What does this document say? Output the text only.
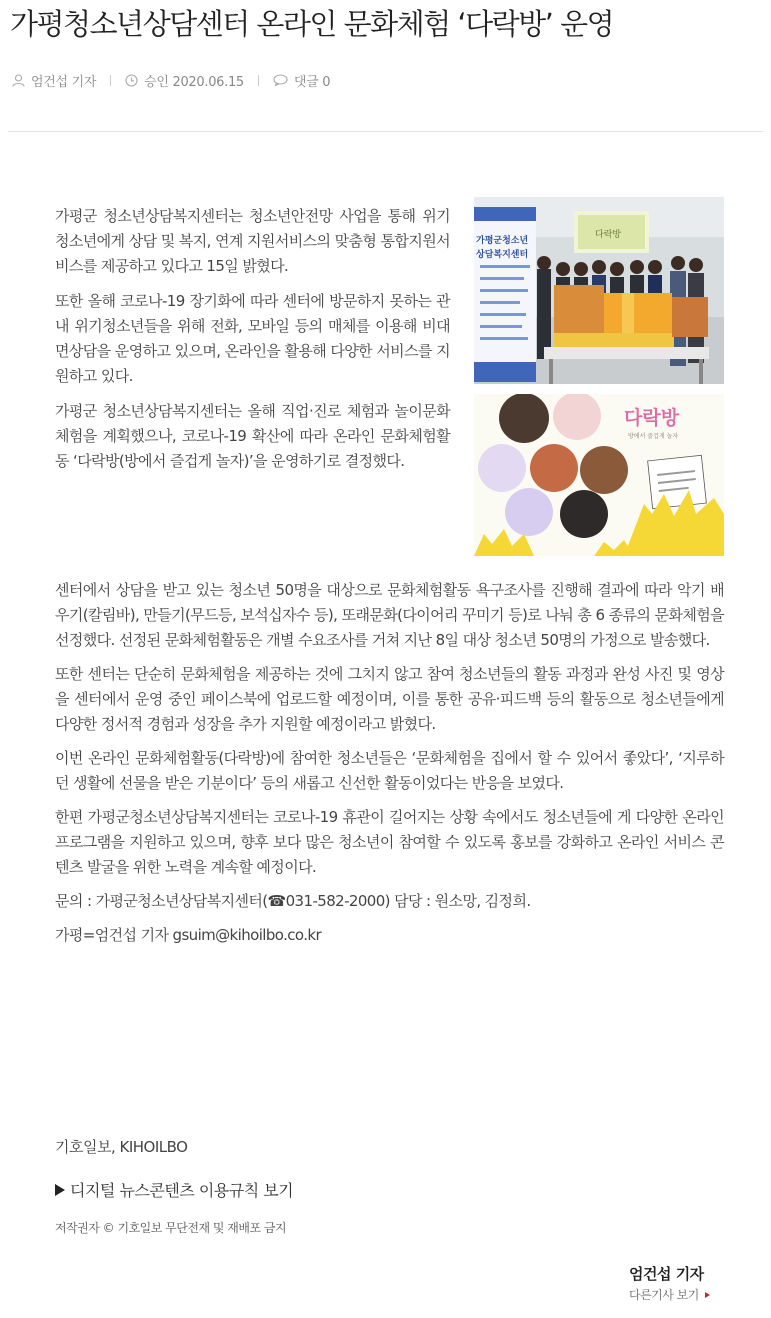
가평청소년상담센터 온라인 문화체험 ‘다락방’ 운영
엄건섭 기자	승인 2020.06.15	댓글 0
가평군청소년
상담복지센터
다락방
다락방
방에서 즐겁게 놀자

가평군 청소년상담복지센터는 청소년안전망 사업을 통해 위기청소년에게 상담 및 복지, 연계 지원서비스의 맞춤형 통합지원서비스를 제공하고 있다고 15일 밝혔다.

또한 올해 코로나-19 장기화에 따라 센터에 방문하지 못하는 관내 위기청소년들을 위해 전화, 모바일 등의 매체를 이용해 비대면상담을 운영하고 있으며, 온라인을 활용해 다양한 서비스를 지원하고 있다.

가평군 청소년상담복지센터는 올해 직업·진로 체험과 놀이문화체험을 계획했으나, 코로나-19 확산에 따라 온라인 문화체험활동 ‘다락방(방에서 즐겁게 놀자)’을 운영하기로 결정했다.

센터에서 상담을 받고 있는 청소년 50명을 대상으로 문화체험활동 욕구조사를 진행해 결과에 따라 악기 배우기(칼림바), 만들기(무드등, 보석십자수 등), 또래문화(다이어리 꾸미기 등)로 나눠 총 6 종류의 문화체험을 선정했다. 선정된 문화체험활동은 개별 수요조사를 거쳐 지난 8일 대상 청소년 50명의 가정으로 발송했다.

또한 센터는 단순히 문화체험을 제공하는 것에 그치지 않고 참여 청소년들의 활동 과정과 완성 사진 및 영상을 센터에서 운영 중인 페이스북에 업로드할 예정이며, 이를 통한 공유·피드백 등의 활동으로 청소년들에게 다양한 정서적 경험과 성장을 추가 지원할 예정이라고 밝혔다.

이번 온라인 문화체험활동(다락방)에 참여한 청소년들은 ‘문화체험을 집에서 할 수 있어서 좋았다’, ‘지루하던 생활에 선물을 받은 기분이다’ 등의 새롭고 신선한 활동이었다는 반응을 보였다.

한편 가평군청소년상담복지센터는 코로나-19 휴관이 길어지는 상황 속에서도 청소년들에 게 다양한 온라인 프로그램을 지원하고 있으며, 향후 보다 많은 청소년이 참여할 수 있도록 홍보를 강화하고 온라인 서비스 콘텐츠 발굴을 위한 노력을 계속할 예정이다.

문의 : 가평군청소년상담복지센터(☎031-582-2000) 담당 : 원소망, 김정희.

가평=엄건섭 기자 gsuim@kihoilbo.co.kr

기호일보, KIHOILBO
디지털 뉴스콘텐츠 이용규칙 보기
저작권자 © 기호일보 무단전재 및 재배포 금지
엄건섭 기자
다른기사 보기
